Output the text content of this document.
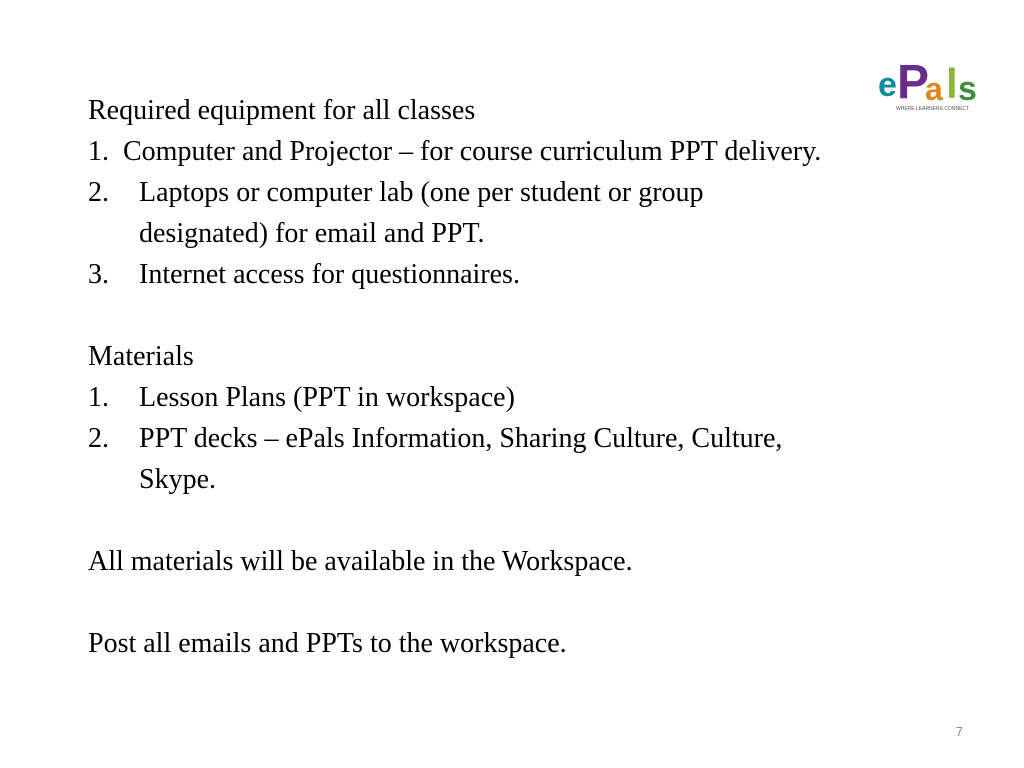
e P
a l s
WHERE LEARNERS CONNECT

Required equipment for all classes

1. Computer and Projector – for course curriculum PPT delivery.

2. Laptops or computer lab (one per student or group designated) for email and PPT.
3. Internet access for questionnaires.

Materials

1. Lesson Plans (PPT in workspace)
2. PPT decks – ePals Information, Sharing Culture, Culture, Skype.

All materials will be available in the Workspace.

Post all emails and PPTs to the workspace.

7
